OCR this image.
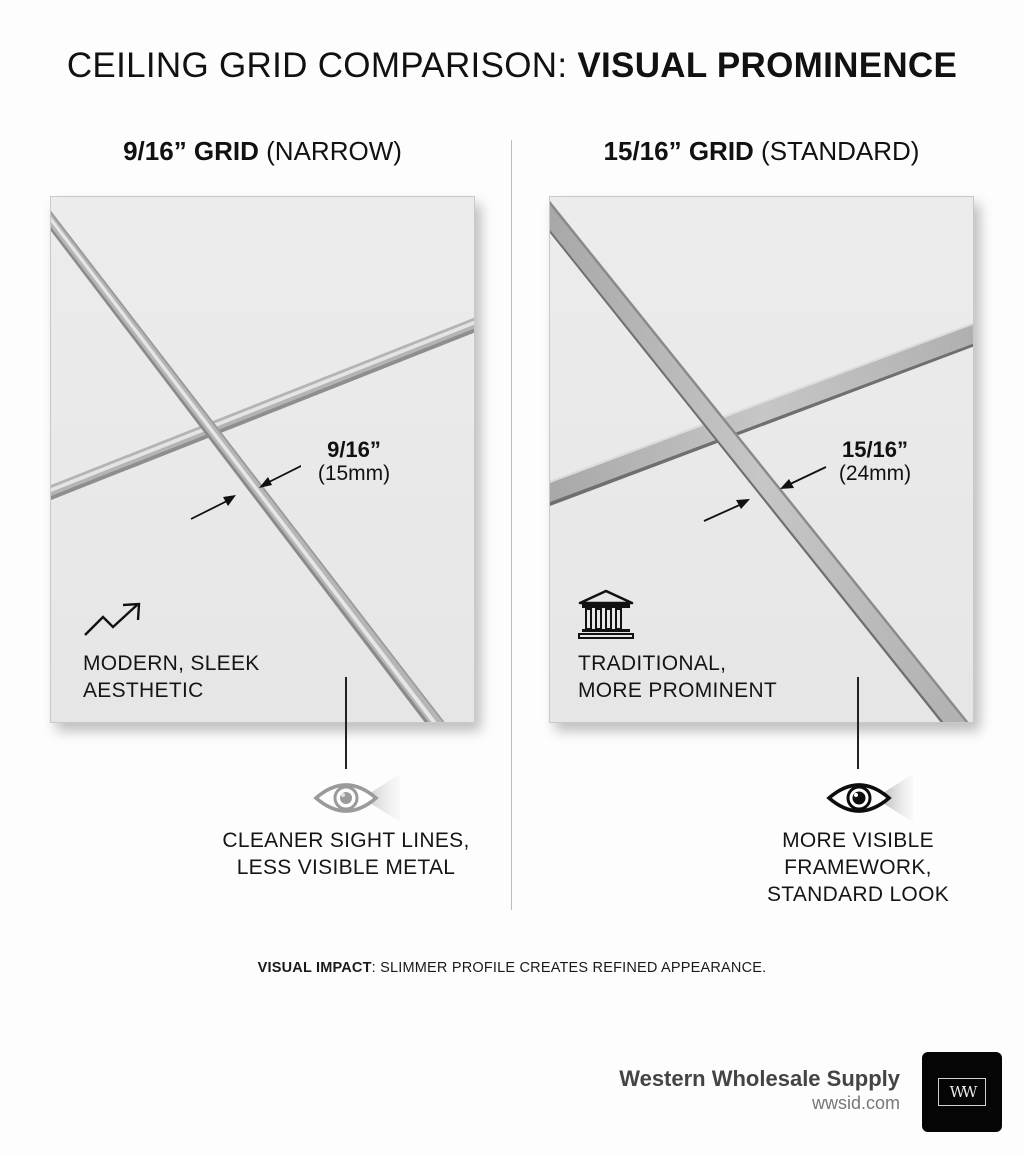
CEILING GRID COMPARISON: VISUAL PROMINENCE
9/16” GRID (NARROW)	15/16” GRID (STANDARD)
9/16”
(15mm)
MODERN, SLEEK
AESTHETIC
15/16”
(24mm)
TRADITIONAL,
MORE PROMINENT
CLEANER SIGHT LINES,
LESS VISIBLE METAL
MORE VISIBLE
FRAMEWORK,
STANDARD LOOK
VISUAL IMPACT: SLIMMER PROFILE CREATES REFINED APPEARANCE.
Western Wholesale Supply
wwsid.com
WW
